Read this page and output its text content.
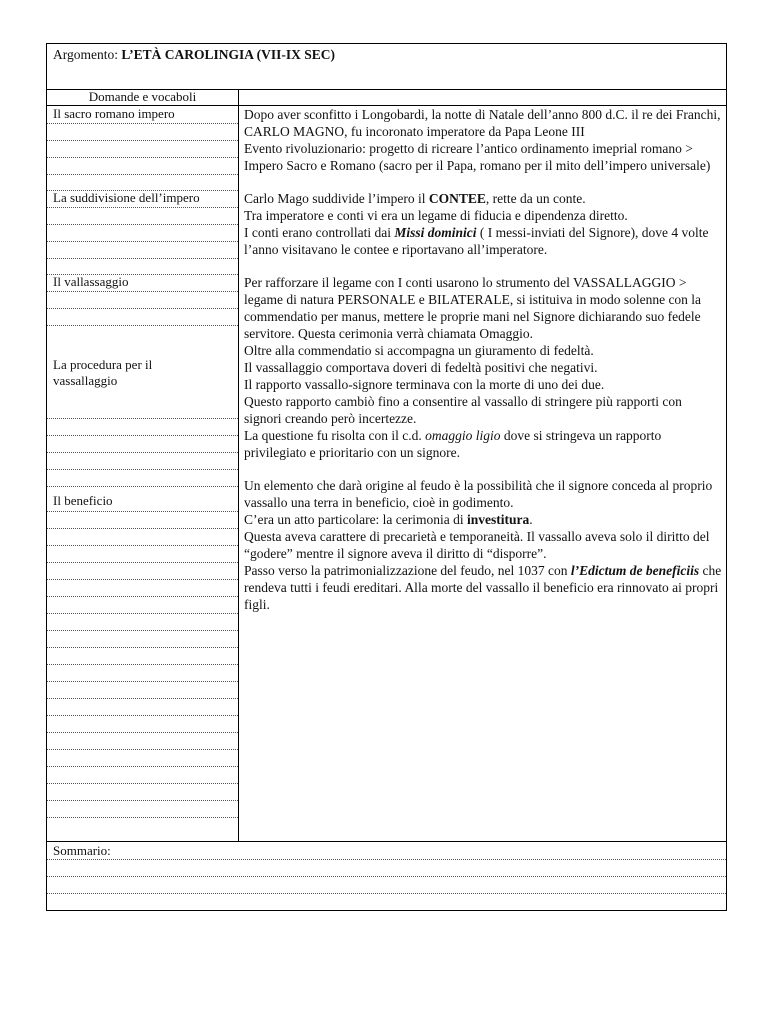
Argomento: L’ETÀ CAROLINGIA (VII-IX SEC)
Domande e vocaboli
Il sacro romano impero
La suddivisione dell’impero
Il vallassaggio
La procedura per il vassallaggio
Il beneficio

Dopo aver sconfitto i Longobardi, la notte di Natale dell’anno 800 d.C. il re dei Franchi, CARLO MAGNO, fu incoronato imperatore da Papa Leone III

Evento rivoluzionario: progetto di ricreare l’antico ordinamento imeprial romano > Impero Sacro e Romano (sacro per il Papa, romano per il mito dell’impero universale)

Carlo Mago suddivide l’impero il CONTEE, rette da un conte.

Tra imperatore e conti vi era un legame di fiducia e dipendenza diretto.

I conti erano controllati dai Missi dominici ( I messi-inviati del Signore), dove 4 volte l’anno visitavano le contee e riportavano all’imperatore.

Per rafforzare il legame con I conti usarono lo strumento del VASSALLAGGIO > legame di natura PERSONALE e BILATERALE, si istituiva in modo solenne con la commendatio per manus, mettere le proprie mani nel Signore dichiarando suo fedele servitore. Questa cerimonia verrà chiamata Omaggio.

Oltre alla commendatio si accompagna un giuramento di fedeltà.

Il vassallaggio comportava doveri di fedeltà positivi che negativi.

Il rapporto vassallo-signore terminava con la morte di uno dei due.

Questo rapporto cambiò fino a consentire al vassallo di stringere più rapporti con signori creando però incertezze.

La questione fu risolta con il c.d. omaggio ligio dove si stringeva un rapporto privilegiato e prioritario con un signore.

Un elemento che darà origine al feudo è la possibilità che il signore conceda al proprio vassallo una terra in beneficio, cioè in godimento.

C’era un atto particolare: la cerimonia di investitura.

Questa aveva carattere di precarietà e temporaneità. Il vassallo aveva solo il diritto del “godere” mentre il signore aveva il diritto di “disporre”.

Passo verso la patrimonializzazione del feudo, nel 1037 con l’Edictum de beneficiis che rendeva tutti i feudi ereditari. Alla morte del vassallo il beneficio era rinnovato ai propri figli.

Sommario:
